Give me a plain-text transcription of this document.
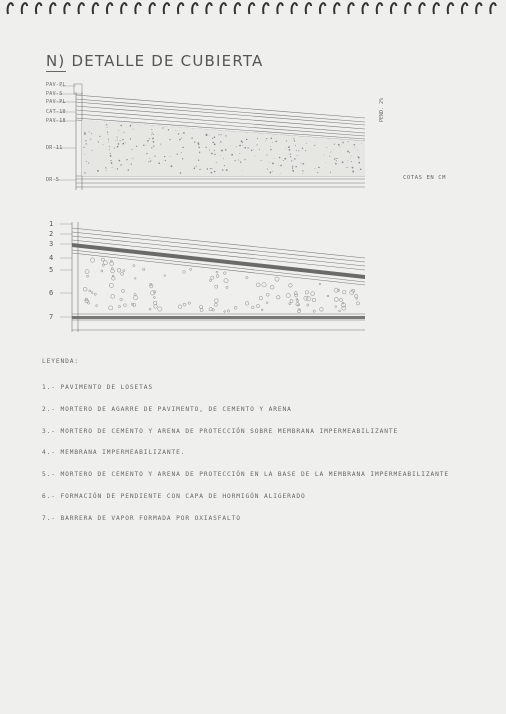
N) DETALLE DE CUBIERTA
PAV-PL
PAV-S
PAV-PL
CAT-10
PAV-18
DR-11
DR-5
PEND. 2%
COTAS EN CM
1
2
3
4
5
6
7
LEYENDA:
1.- PAVIMENTO DE LOSETAS
2.- MORTERO DE AGARRE DE PAVIMENTO, DE CEMENTO Y ARENA
3.- MORTERO DE CEMENTO Y ARENA DE PROTECCIÓN SOBRE MEMBRANA IMPERMEABILIZANTE
4.- MEMBRANA IMPERMEABILIZANTE.
5.- MORTERO DE CEMENTO Y ARENA DE PROTECCIÓN EN LA BASE DE LA MEMBRANA IMPERMEABILIZANTE
6.- FORMACIÓN DE PENDIENTE CON CAPA DE HORMIGÓN ALIGERADO
7.- BARRERA DE VAPOR FORMADA POR OXIASFALTO
